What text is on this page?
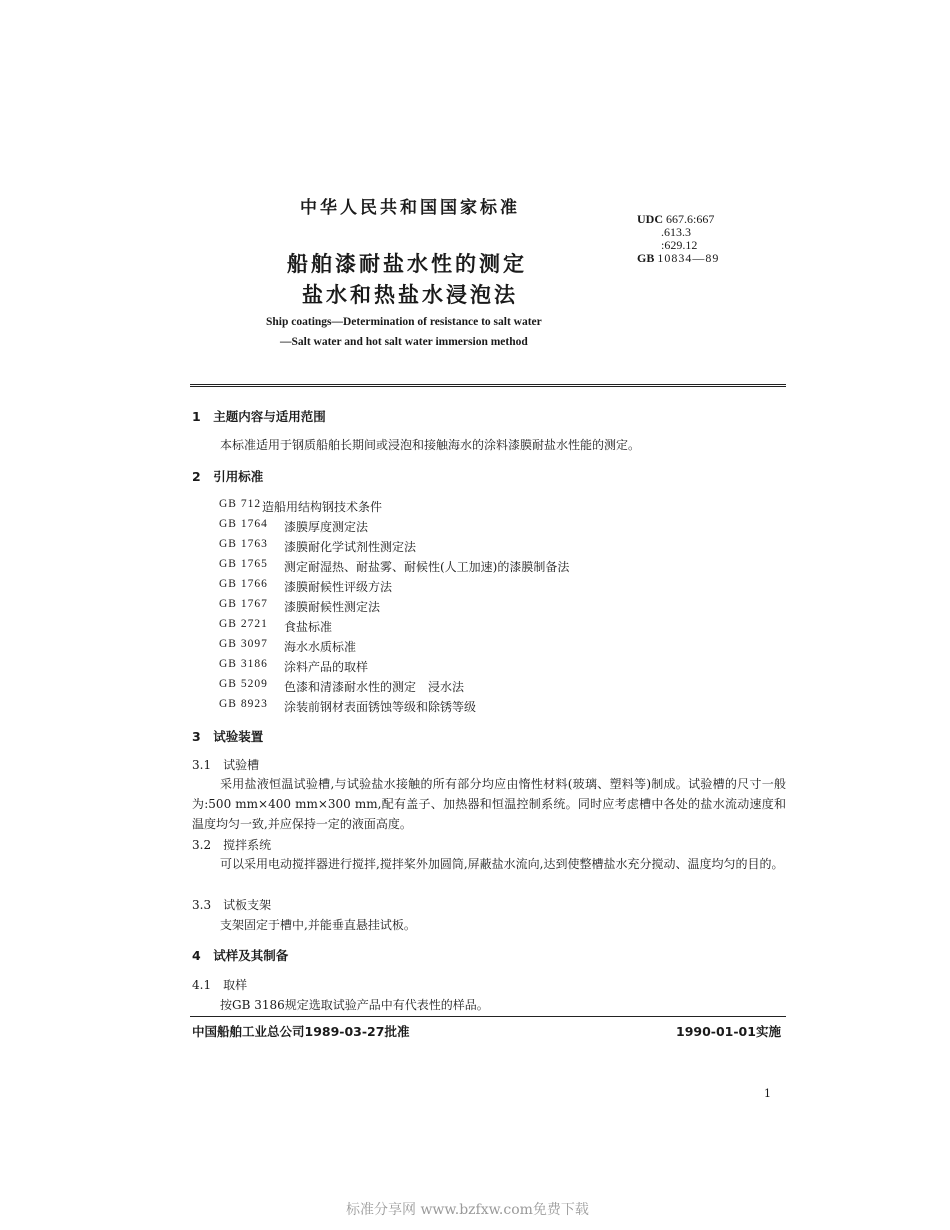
中华人民共和国国家标准
UDC 667.6:667
.613.3
:629.12
GB 10834—89
船舶漆耐盐水性的测定
盐水和热盐水浸泡法
Ship coatings—Determination of resistance to salt water
—Salt water and hot salt water immersion method
1　主题内容与适用范围
本标准适用于钢质船舶长期间或浸泡和接触海水的涂料漆膜耐盐水性能的测定。
2　引用标准
GB 712 造船用结构钢技术条件
GB 1764 漆膜厚度测定法
GB 1763 漆膜耐化学试剂性测定法
GB 1765 测定耐湿热、耐盐雾、耐候性(人工加速)的漆膜制备法
GB 1766 漆膜耐候性评级方法
GB 1767 漆膜耐候性测定法
GB 2721 食盐标准
GB 3097 海水水质标准
GB 3186 涂料产品的取样
GB 5209 色漆和清漆耐水性的测定　浸水法
GB 8923 涂装前钢材表面锈蚀等级和除锈等级
3　试验装置
3.1　试验槽
采用盐液恒温试验槽,与试验盐水接触的所有部分均应由惰性材料(玻璃、塑料等)制成。试验槽的尺寸一般为:500 mm×400 mm×300 mm,配有盖子、加热器和恒温控制系统。同时应考虑槽中各处的盐水流动速度和温度均匀一致,并应保持一定的液面高度。
3.2　搅拌系统
可以采用电动搅拌器进行搅拌,搅拌桨外加圆筒,屏蔽盐水流向,达到使整槽盐水充分搅动、温度均匀的目的。
3.3　试板支架
支架固定于槽中,并能垂直悬挂试板。
4　试样及其制备
4.1　取样
按GB 3186规定选取试验产品中有代表性的样品。
中国船舶工业总公司1989-03-27批准	1990-01-01实施
1
标准分享网 www.bzfxw.com免费下载
